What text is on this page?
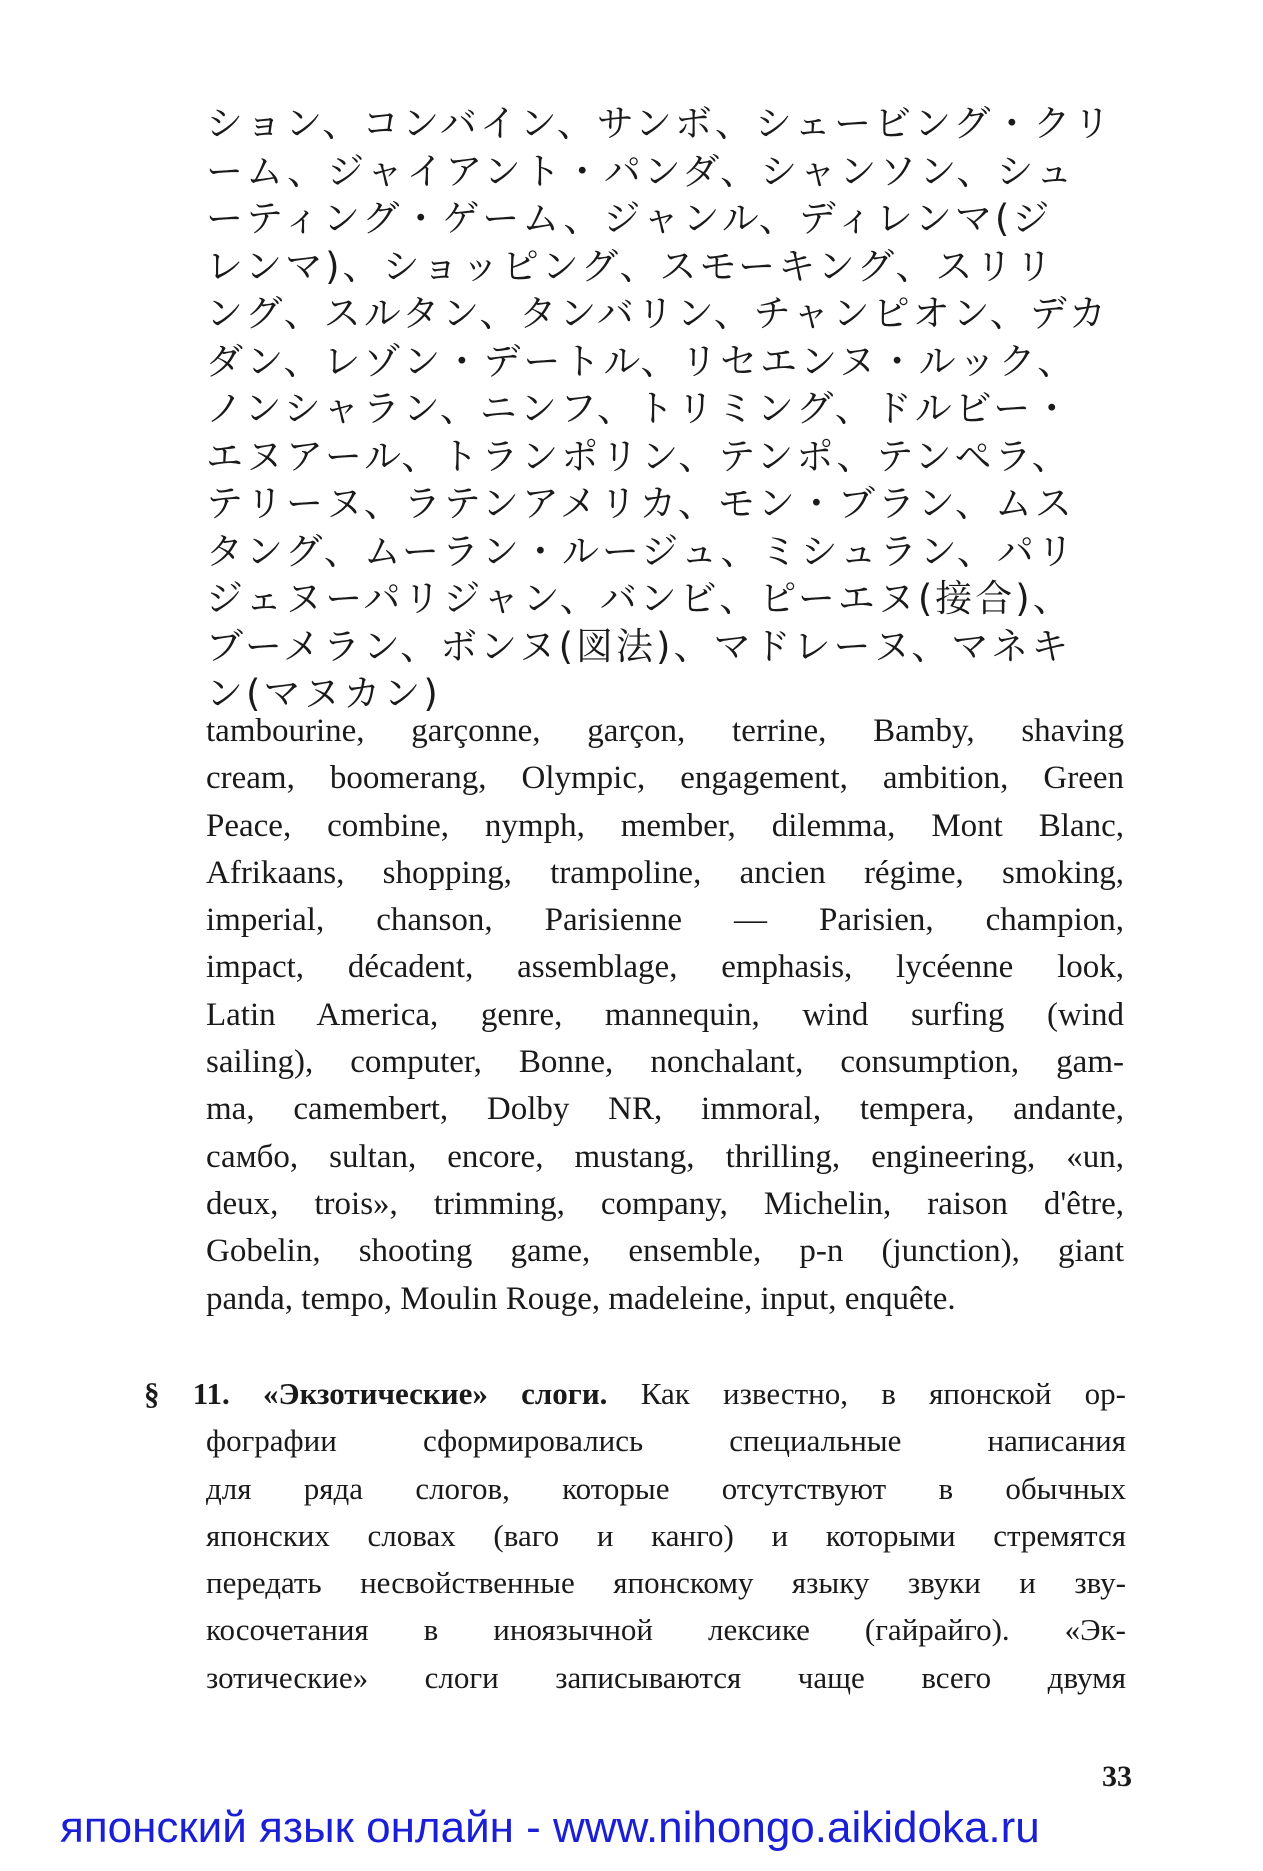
ション、コンバイン、サンボ、シェービング・クリ
ーム、ジャイアント・パンダ、シャンソン、シュ
ーティング・ゲーム、ジャンル、ディレンマ(ジ
レンマ)、ショッピング、スモーキング、スリリ
ング、スルタン、タンバリン、チャンピオン、デカ
ダン、レゾン・デートル、リセエンヌ・ルック、
ノンシャラン、ニンフ、トリミング、ドルビー・
エヌアール、トランポリン、テンポ、テンペラ、
テリーヌ、ラテンアメリカ、モン・ブラン、ムス
タング、ムーラン・ルージュ、ミシュラン、パリ
ジェヌーパリジャン、バンビ、ピーエヌ(接合)、
ブーメラン、ボンヌ(図法)、マドレーヌ、マネキ
ン(マヌカン)
tambourine, garçonne, garçon, terrine, Bamby, shaving
cream, boomerang, Olympic, engagement, ambition, Green
Peace, combine, nymph, member, dilemma, Mont Blanc,
Afrikaans, shopping, trampoline, ancien régime, smoking,
imperial, chanson, Parisienne — Parisien, champion,
impact, décadent, assemblage, emphasis, lycéenne look,
Latin America, genre, mannequin, wind surfing (wind
sailing), computer, Bonne, nonchalant, consumption, gam-
ma, camembert, Dolby NR, immoral, tempera, andante,
самбо, sultan, encore, mustang, thrilling, engineering, «un,
deux, trois», trimming, company, Michelin, raison d'être,
Gobelin, shooting game, ensemble, p-n (junction), giant
panda, tempo, Moulin Rouge, madeleine, input, enquête.
§ 11. «Экзотические» слоги. Как известно, в японской ор-
фографии сформировались специальные написания
для ряда слогов, которые отсутствуют в обычных
японских словах (ваго и канго) и которыми стремятся
передать несвойственные японскому языку звуки и зву-
косочетания в иноязычной лексике (гайрайго). «Эк-
зотические» слоги записываются чаще всего двумя
33
японский язык онлайн - www.nihongo.aikidoka.ru
